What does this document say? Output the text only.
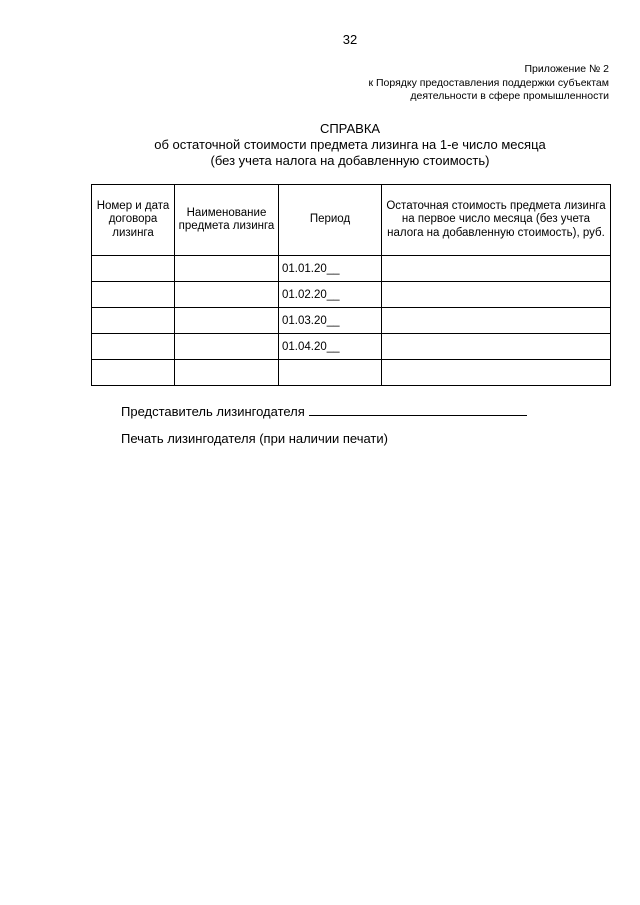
32
Приложение № 2
к Порядку предоставления поддержки субъектам
деятельности в сфере промышленности
СПРАВКА
об остаточной стоимости предмета лизинга на 1-е число месяца
(без учета налога на добавленную стоимость)
Номер и дата договора лизинга	Наименование предмета лизинга	Период	Остаточная стоимость предмета лизинга на первое число месяца (без учета налога на добавленную стоимость), руб.
		01.01.20__	
		01.02.20__	
		01.03.20__	
		01.04.20__	

Представитель лизингодателя
Печать лизингодателя (при наличии печати)
